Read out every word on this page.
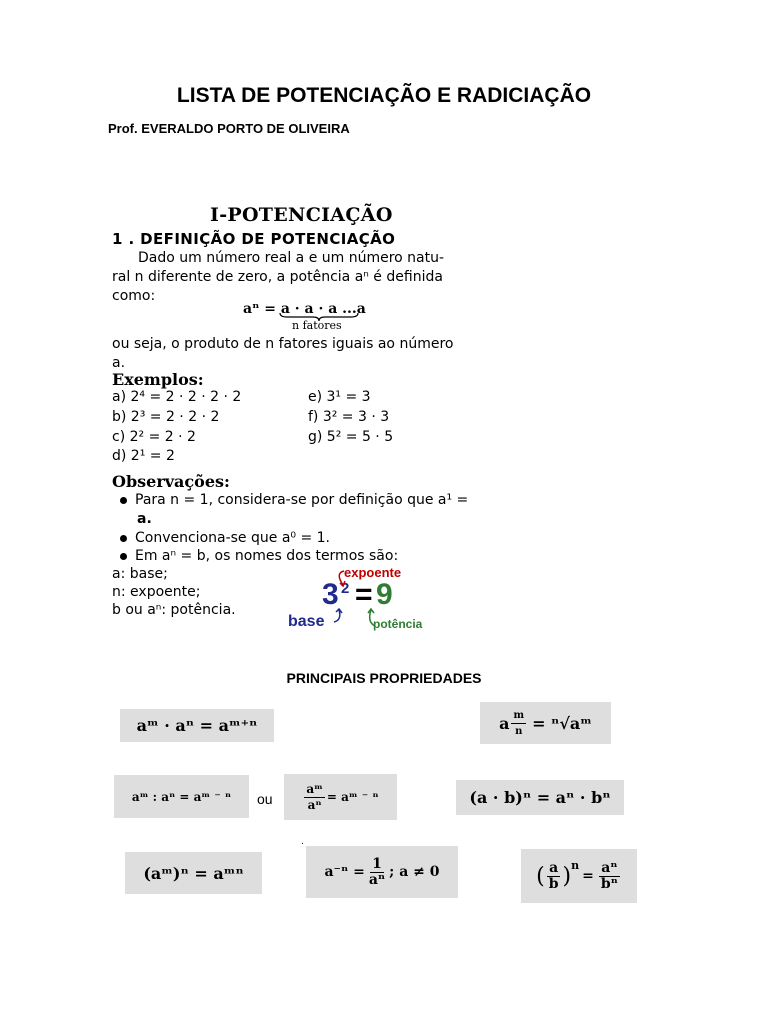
LISTA DE POTENCIAÇÃO E RADICIAÇÃO
Prof. EVERALDO PORTO DE OLIVEIRA
I-POTENCIAÇÃO
1 . DEFINIÇÃO DE POTENCIAÇÃO
Dado um número real a e um número natu-
ral n diferente de zero, a potência aⁿ é definida
como:
aⁿ = a · a · a ...a
n fatores
ou seja, o produto de n fatores iguais ao número
a.
Exemplos:
a) 2⁴ = 2 · 2 · 2 · 2
b) 2³ = 2 · 2 · 2
c) 2² = 2 · 2
d) 2¹ = 2
e) 3¹ = 3
f) 3² = 3 · 3
g) 5² = 5 · 5
Observações:
Para n = 1, considera-se por definição que a¹ =
a.
Convenciona-se que a⁰ = 1.
Em aⁿ = b, os nomes dos termos são:
a: base;
n: expoente;
b ou aⁿ: potência.
expoente
3 2 = 9
base	potência
PRINCIPAIS PROPRIEDADES
aᵐ · aⁿ = aᵐ⁺ⁿ	a $\frac{m}{n}$ = ⁿ√aᵐ
aᵐ : aⁿ = aᵐ ⁻ ⁿ	ou	$\frac{\text{aᵐ}}{\text{aⁿ}}$ = aᵐ ⁻ ⁿ	(a · b)ⁿ = aⁿ · bⁿ
.
(aᵐ)ⁿ = aᵐⁿ	$a^{-n} = \frac{1}{\text{aⁿ}}$ ; a ≠ 0	( $\frac{a}{b} )^n$
= $\frac{\text{aⁿ}}{\text{bⁿ}}$
